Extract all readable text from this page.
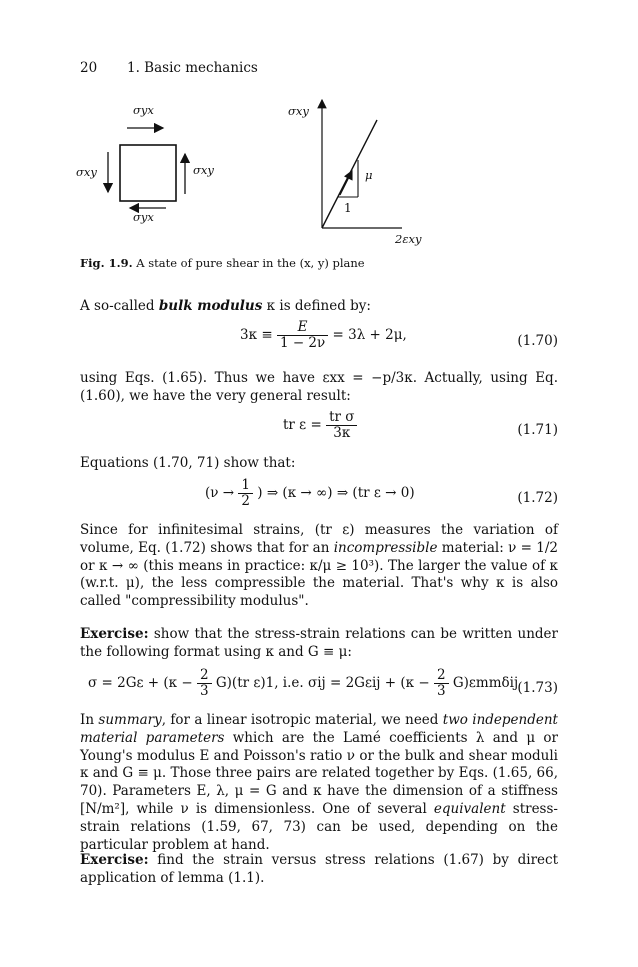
20 1. Basic mechanics
σyx
σxy	σxy
σyx
σxy
μ
1
2εxy
Fig. 1.9. A state of pure shear in the (x, y) plane
A so-called bulk modulus κ is defined by:
$3\kappa \equiv \frac{E}{1 - 2\nu} = 3\lambda + 2\mu$,	(1.70)
using Eqs. (1.65). Thus we have εxx = −p/3κ. Actually, using Eq. (1.60), we have the very general result:
tr $\varepsilon = \frac{\text{tr σ}}{3\kappa}$	(1.71)
Equations (1.70, 71) show that:
($\nu \to \frac{1}{2}$ ) ⇒ (κ → ∞) ⇒ (tr ε → 0)	(1.72)
Since for infinitesimal strains, (tr ε) measures the variation of volume, Eq. (1.72) shows that for an incompressible material: ν = 1/2 or κ → ∞ (this means in practice: κ/μ ≥ 10³). The larger the value of κ (w.r.t. μ), the less compressible the material. That's why κ is also called "compressibility modulus".
Exercise: show that the stress-strain relations can be written under the following format using κ and G ≡ μ:
$\sigma = 2G\varepsilon + (\kappa - \frac{2}{3} G)(tr$ ε)1, i.e. $\sigma ij = 2G\varepsilon ij + (\kappa - \frac{2}{3} G)\varepsilon mm\delta ij$ (1.73)
In summary, for a linear isotropic material, we need two independent material parameters which are the Lamé coefficients λ and μ or Young's modulus E and Poisson's ratio ν or the bulk and shear moduli κ and G ≡ μ. Those three pairs are related together by Eqs. (1.65, 66, 70). Parameters E, λ, μ = G and κ have the dimension of a stiffness [N/m²], while ν is dimensionless. One of several equivalent stress-strain relations (1.59, 67, 73) can be used, depending on the particular problem at hand.
Exercise: find the strain versus stress relations (1.67) by direct application of lemma (1.1).
